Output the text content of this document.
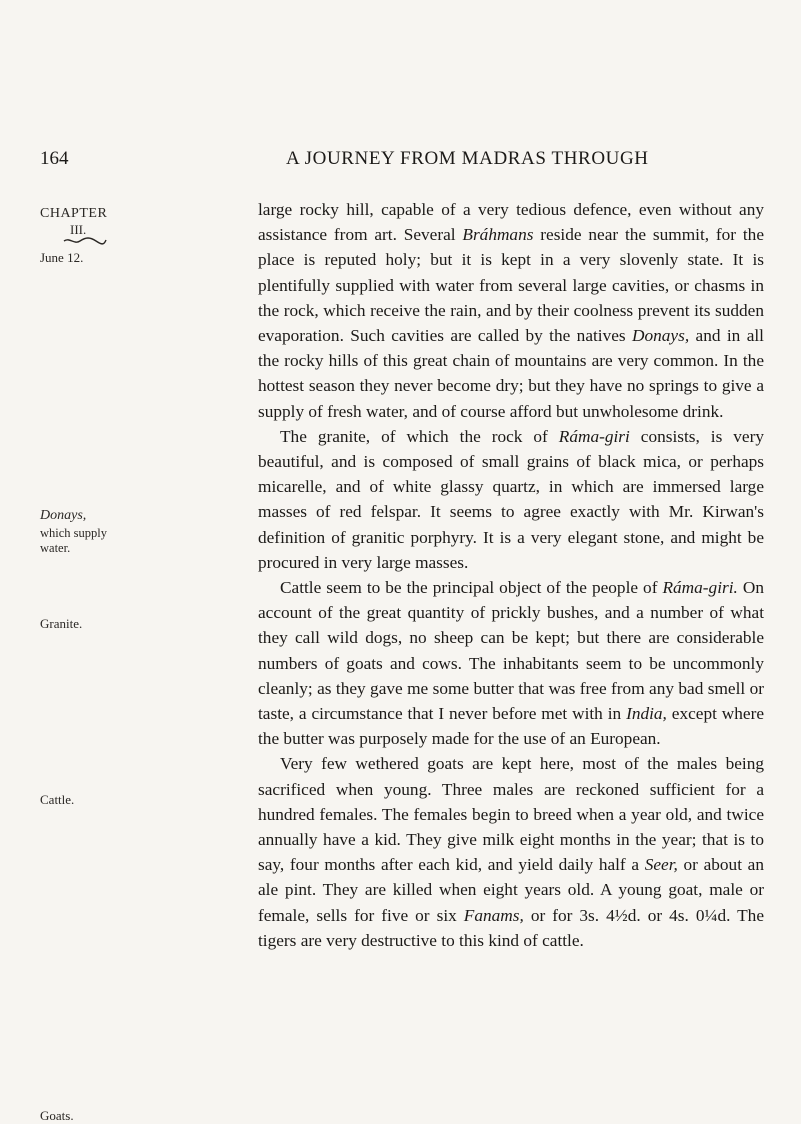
164	A JOURNEY FROM MADRAS THROUGH
CHAPTER
III.
June 12.
Donays,
which supply
water.
Granite.
Cattle.
Goats.

large rocky hill, capable of a very tedious defence, even without any assistance from art. Several Bráhmans reside near the summit, for the place is reputed holy; but it is kept in a very slovenly state. It is plentifully supplied with water from several large cavities, or chasms in the rock, which receive the rain, and by their coolness prevent its sudden evaporation. Such cavities are called by the natives Donays, and in all the rocky hills of this great chain of mountains are very common. In the hottest season they never become dry; but they have no springs to give a supply of fresh water, and of course afford but unwholesome drink.

The granite, of which the rock of Ráma-giri consists, is very beautiful, and is composed of small grains of black mica, or perhaps micarelle, and of white glassy quartz, in which are immersed large masses of red felspar. It seems to agree exactly with Mr. Kirwan's definition of granitic porphyry. It is a very elegant stone, and might be procured in very large masses.

Cattle seem to be the principal object of the people of Ráma-giri. On account of the great quantity of prickly bushes, and a number of what they call wild dogs, no sheep can be kept; but there are considerable numbers of goats and cows. The inhabitants seem to be uncommonly cleanly; as they gave me some butter that was free from any bad smell or taste, a circumstance that I never before met with in India, except where the butter was purposely made for the use of an European.

Very few wethered goats are kept here, most of the males being sacrificed when young. Three males are reckoned sufficient for a hundred females. The females begin to breed when a year old, and twice annually have a kid. They give milk eight months in the year; that is to say, four months after each kid, and yield daily half a Seer, or about an ale pint. They are killed when eight years old. A young goat, male or female, sells for five or six Fanams, or for 3s. 4½d. or 4s. 0¼d. The tigers are very destructive to this kind of cattle.
